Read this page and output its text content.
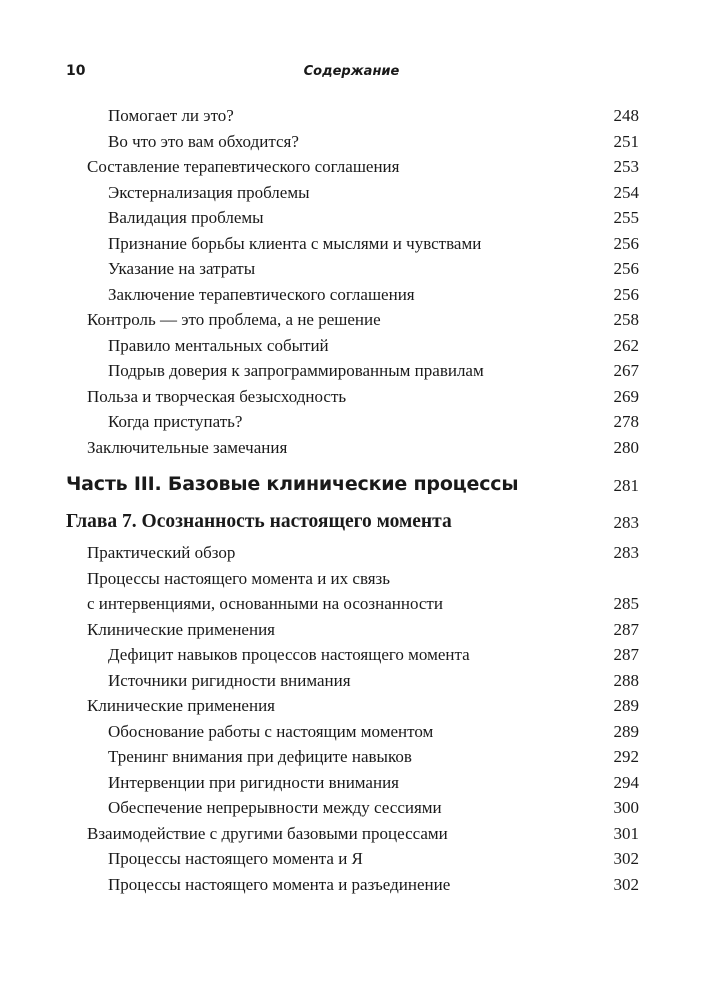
10	Содержание
Помогает ли это?	248
Во что это вам обходится?	251
Составление терапевтического соглашения	253
Экстернализация проблемы	254
Валидация проблемы	255
Признание борьбы клиента с мыслями и чувствами	256
Указание на затраты	256
Заключение терапевтического соглашения	256
Контроль — это проблема, а не решение	258
Правило ментальных событий	262
Подрыв доверия к запрограммированным правилам	267
Польза и творческая безысходность	269
Когда приступать?	278
Заключительные замечания	280
Часть III. Базовые клинические процессы	281
Глава 7. Осознанность настоящего момента	283
Практический обзор	283
Процессы настоящего момента и их связь
с интервенциями, основанными на осознанности	285
Клинические применения	287
Дефицит навыков процессов настоящего момента	287
Источники ригидности внимания	288
Клинические применения	289
Обоснование работы с настоящим моментом	289
Тренинг внимания при дефиците навыков	292
Интервенции при ригидности внимания	294
Обеспечение непрерывности между сессиями	300
Взаимодействие с другими базовыми процессами	301
Процессы настоящего момента и Я	302
Процессы настоящего момента и разъединение	302
